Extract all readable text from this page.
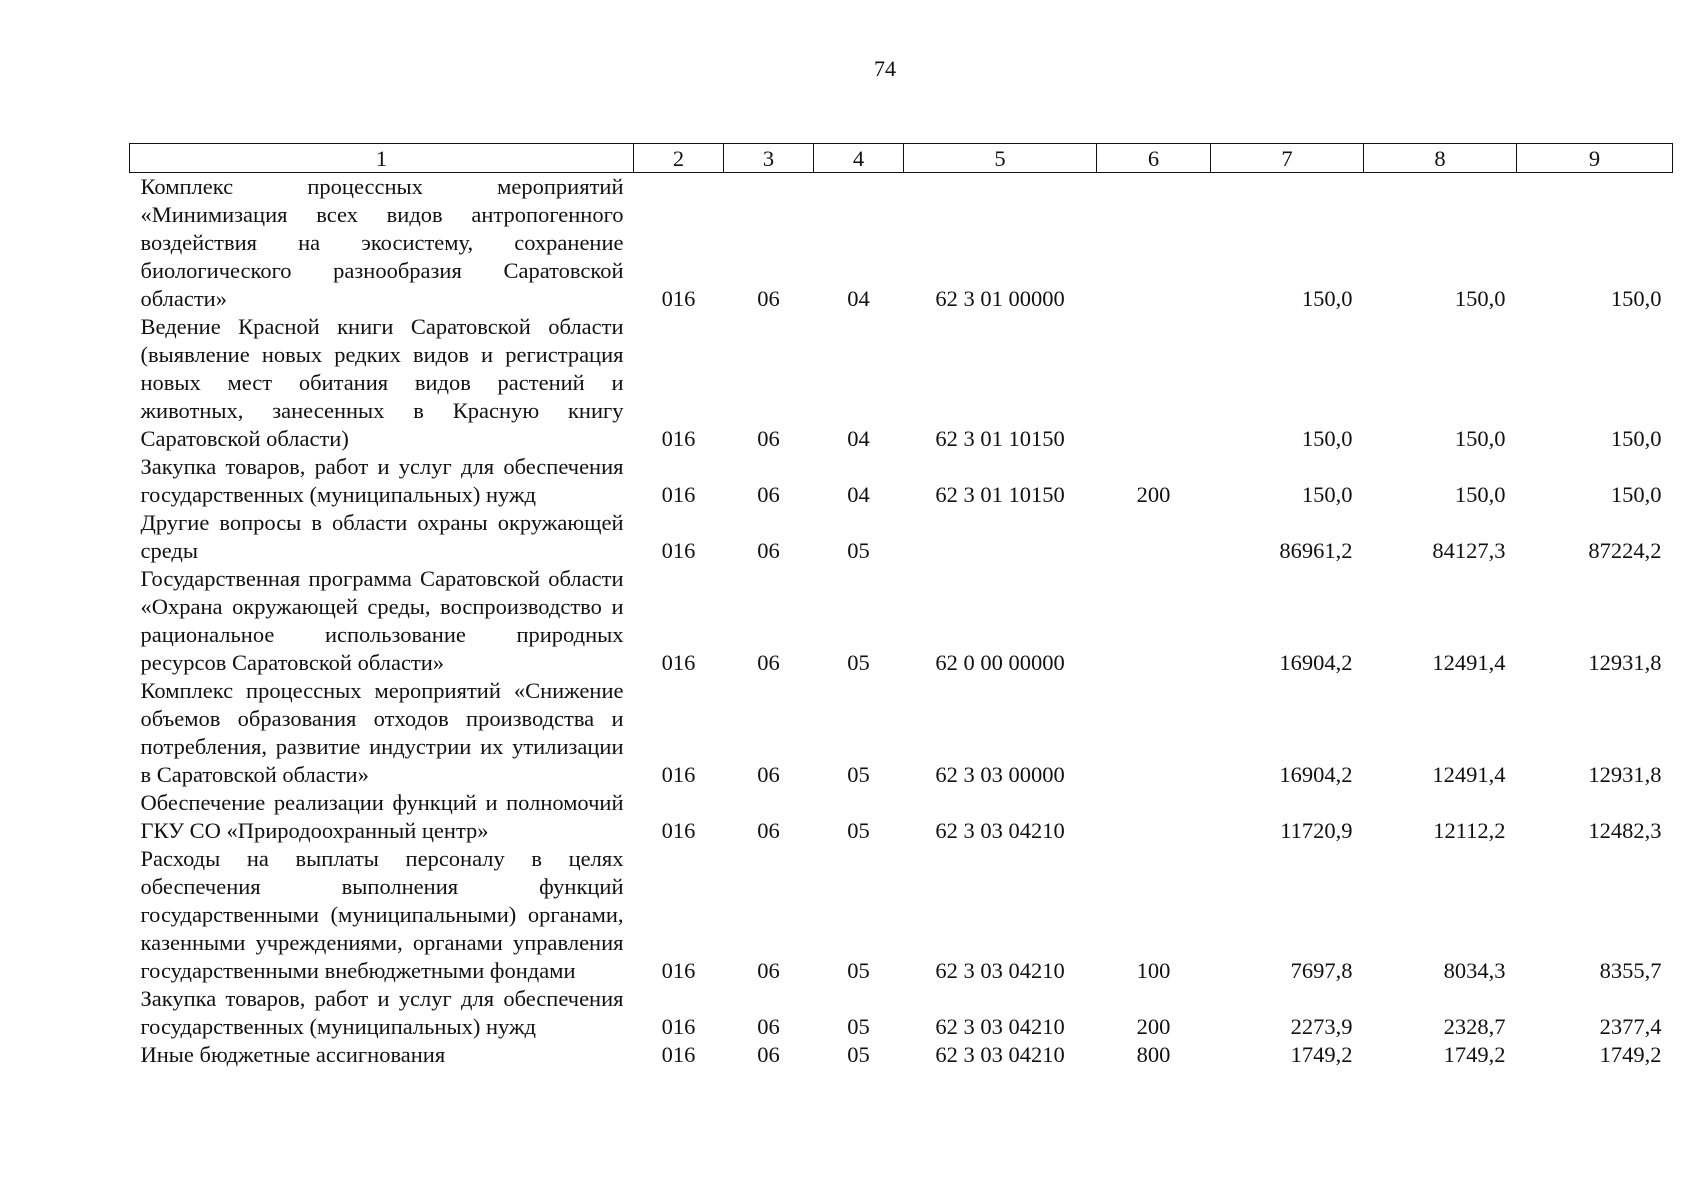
74
1	2	3	4	5	6	7	8	9
Комплекс процессных мероприятий «Минимизация всех видов антропогенного воздействия на экосистему, сохранение биологического разнообразия Саратовской области»	016	06	04	62 3 01 00000		150,0	150,0	150,0
Ведение Красной книги Саратовской области (выявление новых редких видов и регистрация новых мест обитания видов растений и животных, занесенных в Красную книгу Саратовской области)	016	06	04	62 3 01 10150		150,0	150,0	150,0
Закупка товаров, работ и услуг для обеспечения государственных (муниципальных) нужд	016	06	04	62 3 01 10150	200	150,0	150,0	150,0
Другие вопросы в области охраны окружающей среды	016	06	05			86961,2	84127,3	87224,2
Государственная программа Саратовской области «Охрана окружающей среды, воспроизводство и рациональное использование природных ресурсов Саратовской области»	016	06	05	62 0 00 00000		16904,2	12491,4	12931,8
Комплекс процессных мероприятий «Снижение объемов образования отходов производства и потребления, развитие индустрии их утилизации в Саратовской области»	016	06	05	62 3 03 00000		16904,2	12491,4	12931,8
Обеспечение реализации функций и полномочий ГКУ СО «Природоохранный центр»	016	06	05	62 3 03 04210		11720,9	12112,2	12482,3
Расходы на выплаты персоналу в целях обеспечения выполнения функций государственными (муниципальными) органами, казенными учреждениями, органами управления государственными внебюджетными фондами	016	06	05	62 3 03 04210	100	7697,8	8034,3	8355,7
Закупка товаров, работ и услуг для обеспечения государственных (муниципальных) нужд	016	06	05	62 3 03 04210	200	2273,9	2328,7	2377,4
Иные бюджетные ассигнования	016	06	05	62 3 03 04210	800	1749,2	1749,2	1749,2
